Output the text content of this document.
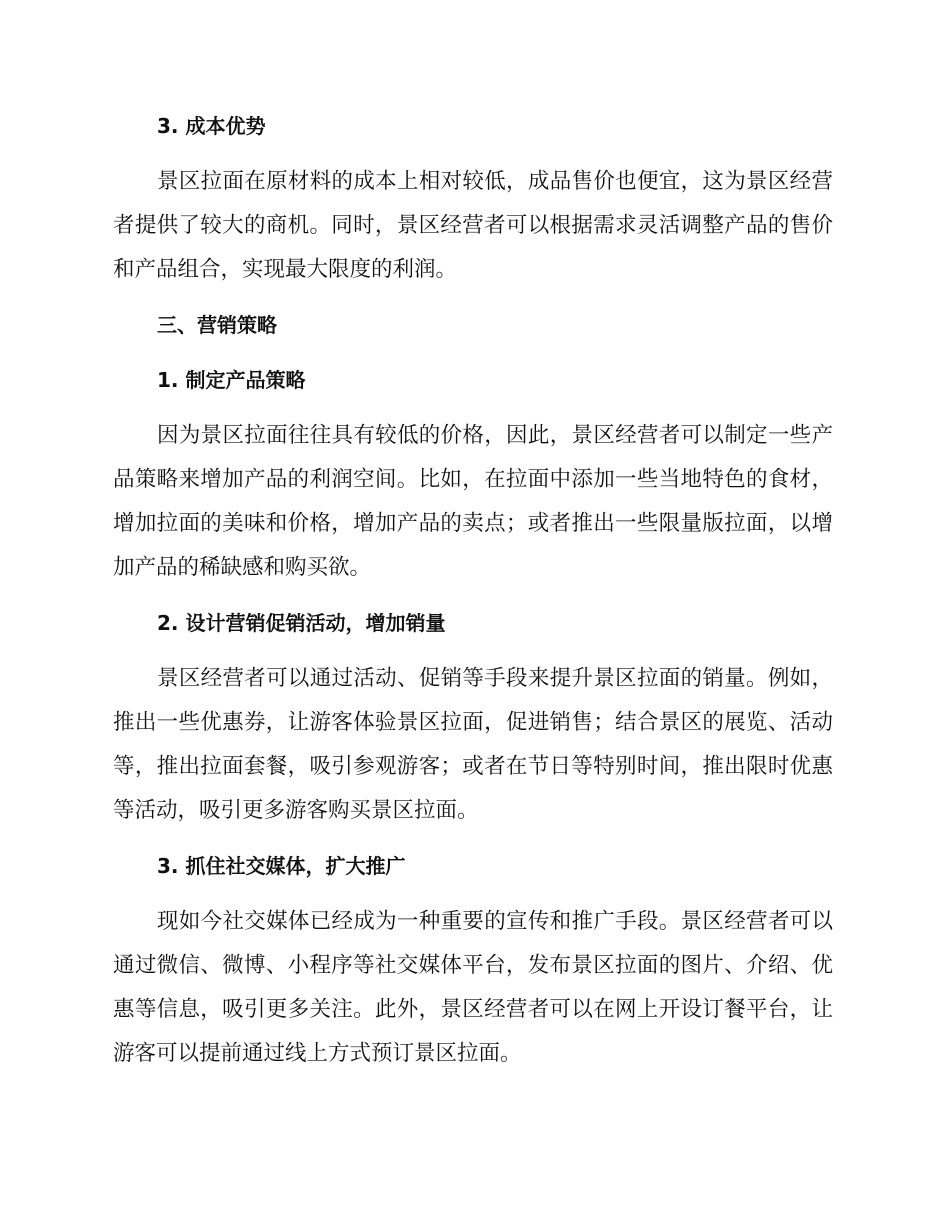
3. 成本优势

景区拉面在原材料的成本上相对较低，成品售价也便宜，这为景区经营者提供了较大的商机。同时，景区经营者可以根据需求灵活调整产品的售价和产品组合，实现最大限度的利润。

三、营销策略
1. 制定产品策略

因为景区拉面往往具有较低的价格，因此，景区经营者可以制定一些产品策略来增加产品的利润空间。比如，在拉面中添加一些当地特色的食材，增加拉面的美味和价格，增加产品的卖点；或者推出一些限量版拉面，以增加产品的稀缺感和购买欲。

2. 设计营销促销活动，增加销量

景区经营者可以通过活动、促销等手段来提升景区拉面的销量。例如，推出一些优惠券，让游客体验景区拉面，促进销售；结合景区的展览、活动等，推出拉面套餐，吸引参观游客；或者在节日等特别时间，推出限时优惠等活动，吸引更多游客购买景区拉面。

3. 抓住社交媒体，扩大推广

现如今社交媒体已经成为一种重要的宣传和推广手段。景区经营者可以通过微信、微博、小程序等社交媒体平台，发布景区拉面的图片、介绍、优惠等信息，吸引更多关注。此外，景区经营者可以在网上开设订餐平台，让游客可以提前通过线上方式预订景区拉面。
